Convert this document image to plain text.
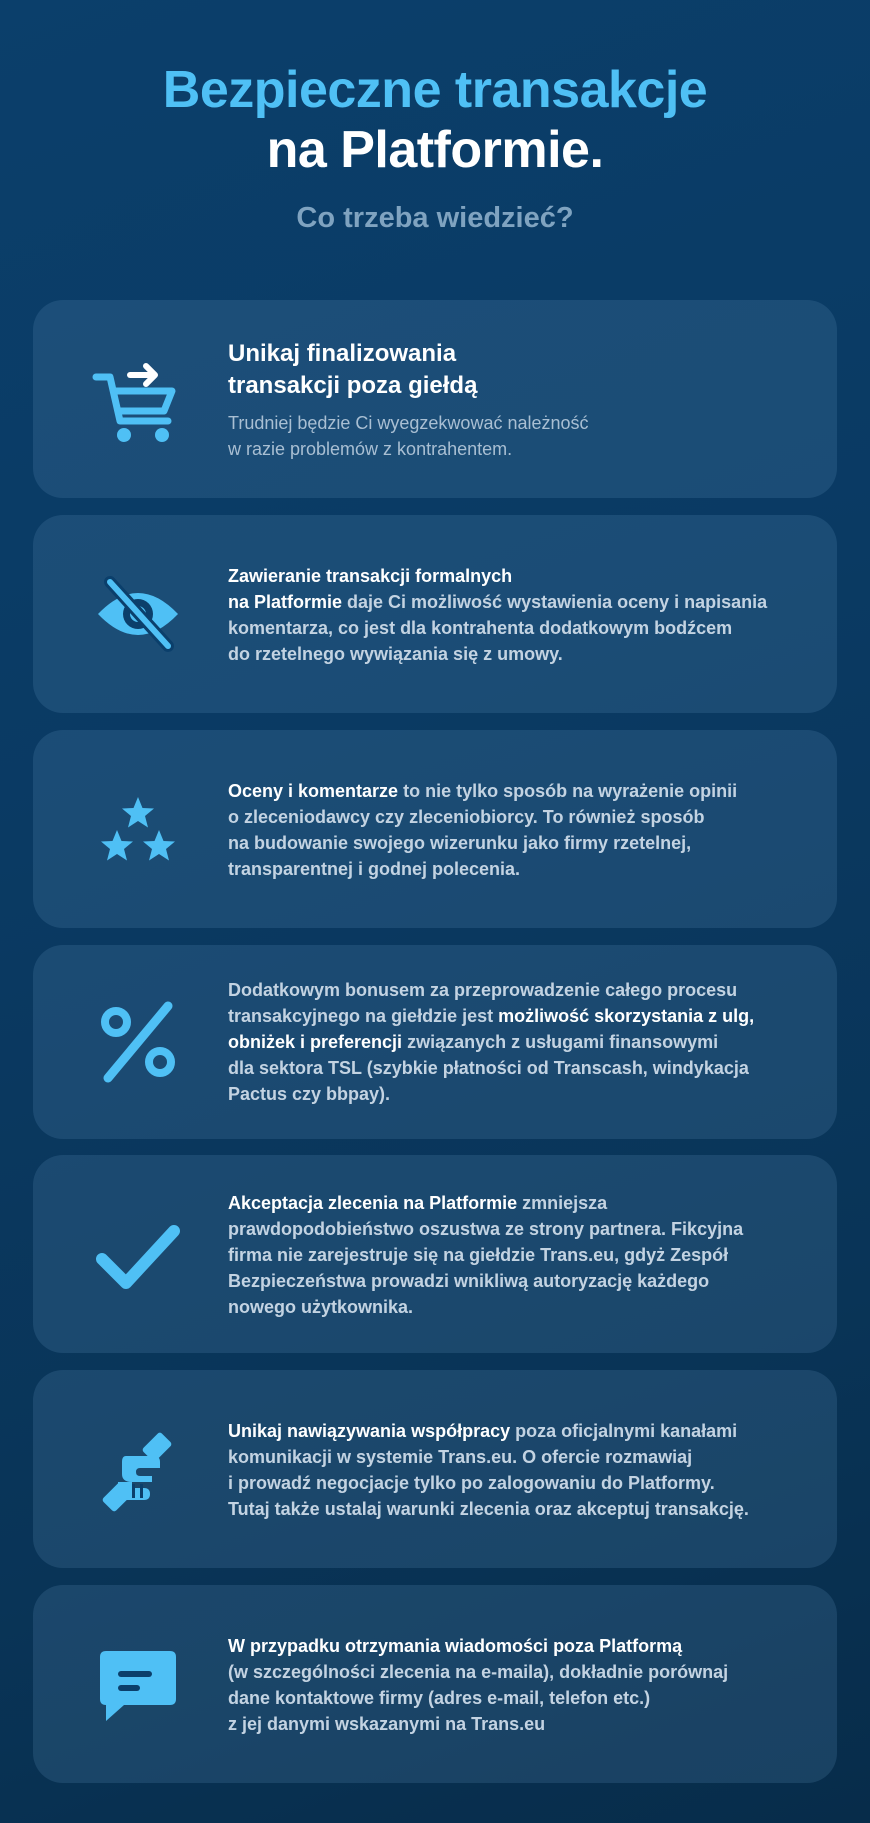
Bezpieczne transakcje
na Platformie.
Co trzeba wiedzieć?
Unikaj finalizowania
transakcji poza giełdą
Trudniej będzie Ci wyegzekwować należność
w razie problemów z kontrahentem.
Zawieranie transakcji formalnych
na Platformie daje Ci możliwość wystawienia oceny i napisania
komentarza, co jest dla kontrahenta dodatkowym bodźcem
do rzetelnego wywiązania się z umowy.
Oceny i komentarze to nie tylko sposób na wyrażenie opinii
o zleceniodawcy czy zleceniobiorcy. To również sposób
na budowanie swojego wizerunku jako firmy rzetelnej,
transparentnej i godnej polecenia.
Dodatkowym bonusem za przeprowadzenie całego procesu
transakcyjnego na giełdzie jest możliwość skorzystania z ulg,
obniżek i preferencji związanych z usługami finansowymi
dla sektora TSL (szybkie płatności od Transcash, windykacja
Pactus czy bbpay).
Akceptacja zlecenia na Platformie zmniejsza
prawdopodobieństwo oszustwa ze strony partnera. Fikcyjna
firma nie zarejestruje się na giełdzie Trans.eu, gdyż Zespół
Bezpieczeństwa prowadzi wnikliwą autoryzację każdego
nowego użytkownika.
Unikaj nawiązywania współpracy poza oficjalnymi kanałami
komunikacji w systemie Trans.eu. O ofercie rozmawiaj
i prowadź negocjacje tylko po zalogowaniu do Platformy.
Tutaj także ustalaj warunki zlecenia oraz akceptuj transakcję.
W przypadku otrzymania wiadomości poza Platformą
(w szczególności zlecenia na e-maila), dokładnie porównaj
dane kontaktowe firmy (adres e-mail, telefon etc.)
z jej danymi wskazanymi na Trans.eu
